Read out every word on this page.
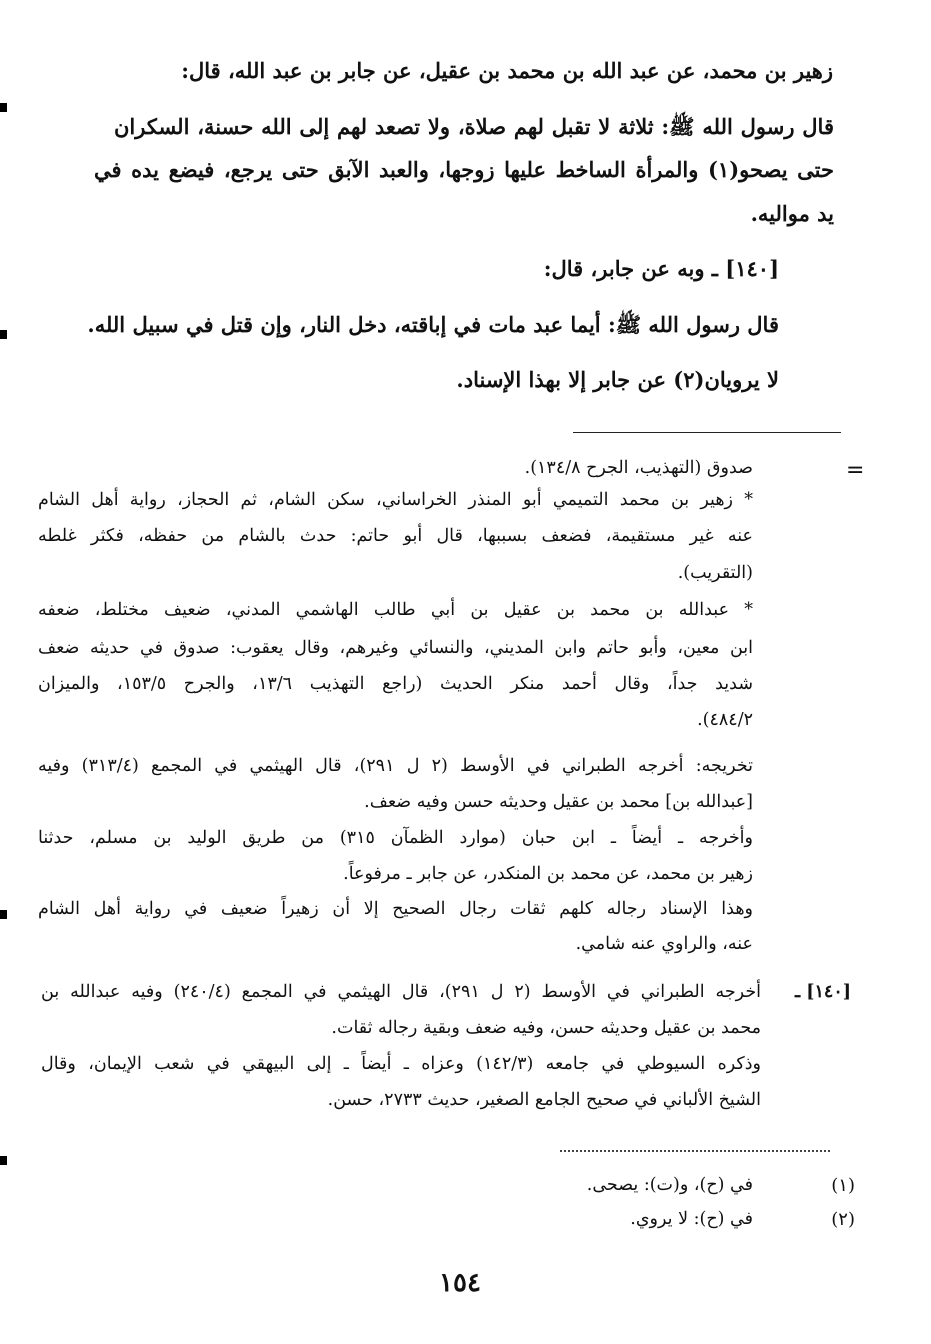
زهير بن محمد، عن عبد الله بن محمد بن عقيل، عن جابر بن عبد الله، قال:
قال رسول الله ﷺ: ثلاثة لا تقبل لهم صلاة، ولا تصعد لهم إلى الله حسنة، السكران
حتى يصحو(١) والمرأة الساخط عليها زوجها، والعبد الآبق حتى يرجع، فيضع يده في
يد مواليه.
[١٤٠] ـ وبه عن جابر، قال:
قال رسول الله ﷺ: أيما عبد مات في إباقته، دخل النار، وإن قتل في سبيل الله.
لا يرويان(٢) عن جابر إلا بهذا الإسناد.
=
صدوق (التهذيب، الجرح ١٣٤/٨).
* زهير بن محمد التميمي أبو المنذر الخراساني، سكن الشام، ثم الحجاز، رواية أهل الشام
عنه غير مستقيمة، فضعف بسببها، قال أبو حاتم: حدث بالشام من حفظه، فكثر غلطه
(التقريب).
* عبدالله بن محمد بن عقيل بن أبي طالب الهاشمي المدني، ضعيف مختلط، ضعفه
ابن معين، وأبو حاتم وابن المديني، والنسائي وغيرهم، وقال يعقوب: صدوق في حديثه ضعف
شديد جداً، وقال أحمد منكر الحديث (راجع التهذيب ١٣/٦، والجرح ١٥٣/٥، والميزان
٤٨٤/٢).
تخريجه: أخرجه الطبراني في الأوسط (٢ ل ٢٩١)، قال الهيثمي في المجمع (٣١٣/٤) وفيه
[عبدالله بن] محمد بن عقيل وحديثه حسن وفيه ضعف.
وأخرجه ـ أيضاً ـ ابن حبان (موارد الظمآن ٣١٥) من طريق الوليد بن مسلم، حدثنا
زهير بن محمد، عن محمد بن المنكدر، عن جابر ـ مرفوعاً.
وهذا الإسناد رجاله كلهم ثقات رجال الصحيح إلا أن زهيراً ضعيف في رواية أهل الشام
عنه، والراوي عنه شامي.
[١٤٠] ـ
أخرجه الطبراني في الأوسط (٢ ل ٢٩١)، قال الهيثمي في المجمع (٢٤٠/٤) وفيه عبدالله بن
محمد بن عقيل وحديثه حسن، وفيه ضعف وبقية رجاله ثقات.
وذكره السيوطي في جامعه (١٤٢/٣) وعزاه ـ أيضاً ـ إلى البيهقي في شعب الإيمان، وقال
الشيخ الألباني في صحيح الجامع الصغير، حديث ٢٧٣٣، حسن.
(١)
في (ح)، و(ت): يصحى.
(٢)
في (ح): لا يروي.
١٥٤
